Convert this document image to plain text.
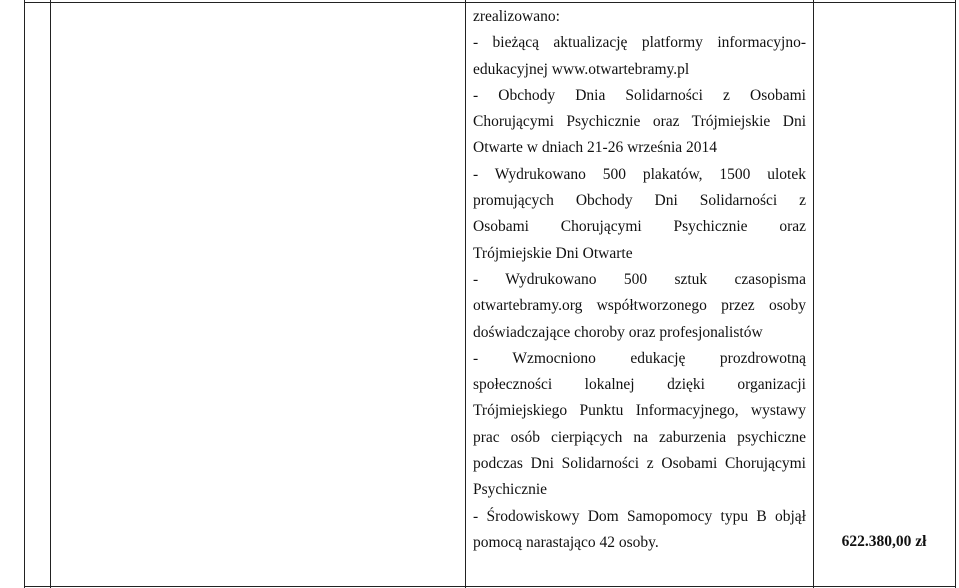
zrealizowano:
- bieżącą aktualizację platformy informacyjno-
edukacyjnej www.otwartebramy.pl
- Obchody Dnia Solidarności z Osobami
Chorującymi Psychicznie oraz Trójmiejskie Dni
Otwarte w dniach 21-26 września 2014
- Wydrukowano 500 plakatów, 1500 ulotek
promujących Obchody Dni Solidarności z
Osobami Chorującymi Psychicznie oraz
Trójmiejskie Dni Otwarte
- Wydrukowano 500 sztuk czasopisma
otwartebramy.org współtworzonego przez osoby
doświadczające choroby oraz profesjonalistów
- Wzmocniono edukację prozdrowotną
społeczności lokalnej dzięki organizacji
Trójmiejskiego Punktu Informacyjnego, wystawy
prac osób cierpiących na zaburzenia psychiczne
podczas Dni Solidarności z Osobami Chorującymi
Psychicznie
- Środowiskowy Dom Samopomocy typu B objął
pomocą narastająco 42 osoby.	622.380,00 zł
